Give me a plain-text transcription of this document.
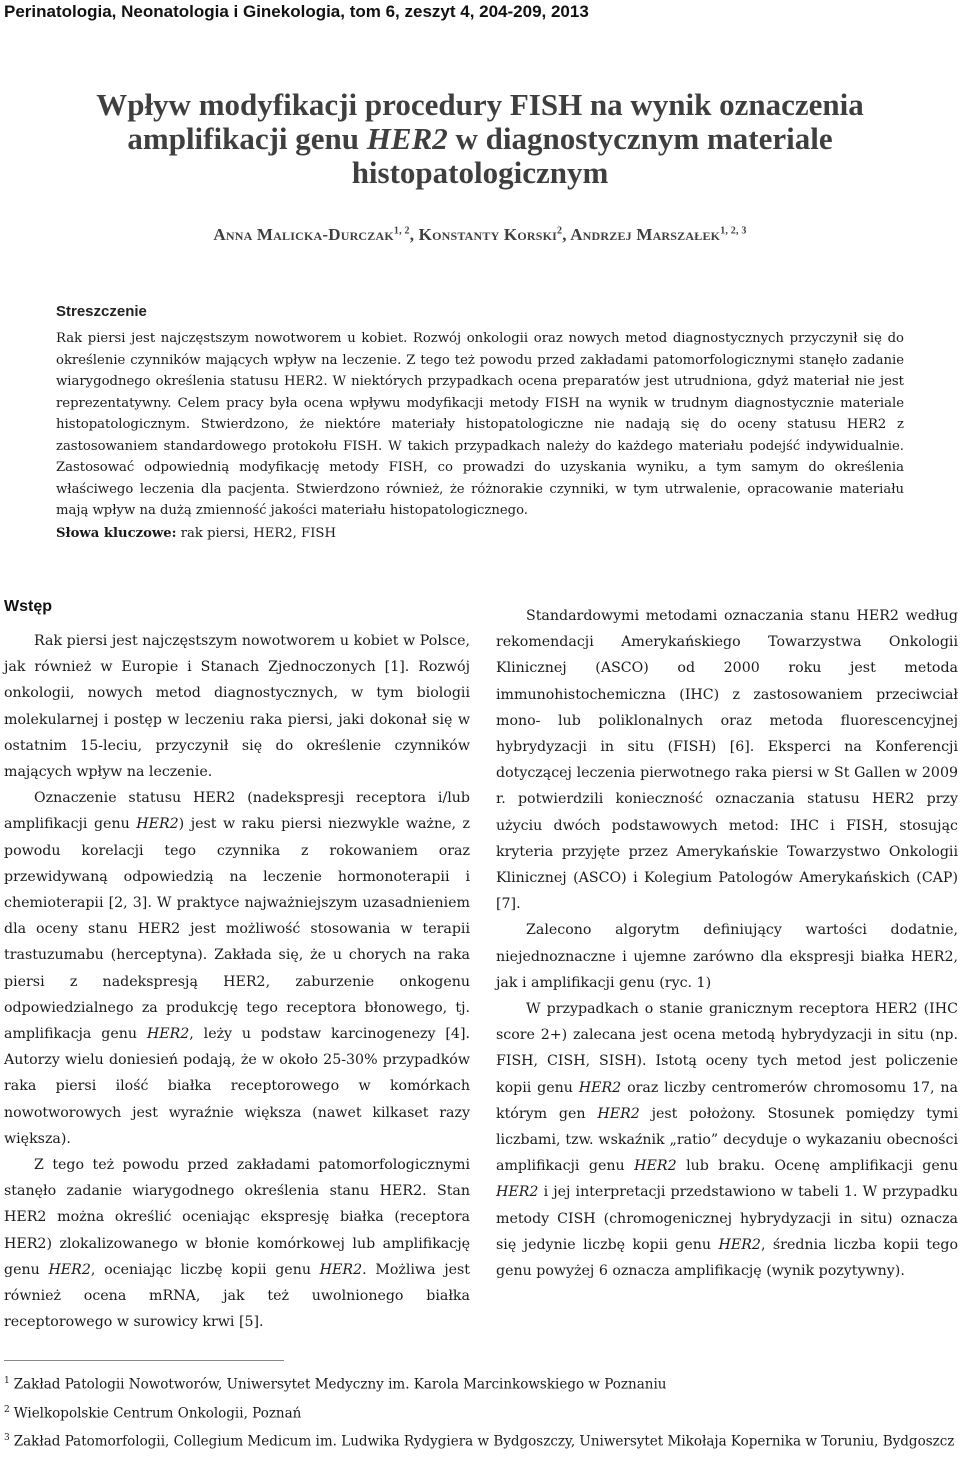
Perinatologia, Neonatologia i Ginekologia, tom 6, zeszyt 4, 204-209, 2013
Wpływ modyfikacji procedury FISH na wynik oznaczenia
amplifikacji genu HER2 w diagnostycznym materiale
histopatologicznym
Anna Malicka-Durczak$^{1, 2}$, Konstanty Korski$^2$, Andrzej Marszałek$^{1, 2, 3}$
Streszczenie
Rak piersi jest najczęstszym nowotworem u kobiet. Rozwój onkologii oraz nowych metod diagnostycznych przyczynił się do określenie czynników mających wpływ na leczenie. Z tego też powodu przed zakładami patomorfologicznymi stanęło zadanie wiarygodnego określenia statusu HER2. W niektórych przypadkach ocena preparatów jest utrudniona, gdyż materiał nie jest reprezentatywny. Celem pracy była ocena wpływu modyfikacji metody FISH na wynik w trudnym diagnostycznie materiale histopatologicznym. Stwierdzono, że niektóre materiały histopatologiczne nie nadają się do oceny statusu HER2 z zastosowaniem standardowego protokołu FISH. W takich przypadkach należy do każdego materiału podejść indywidualnie. Zastosować odpowiednią modyfikację metody FISH, co prowadzi do uzyskania wyniku, a tym samym do określenia właściwego leczenia dla pacjenta. Stwierdzono również, że różnorakie czynniki, w tym utrwalenie, opracowanie materiału mają wpływ na dużą zmienność jakości materiału histopatologicznego.
Słowa kluczowe: rak piersi, HER2, FISH
Wstęp

Rak piersi jest najczęstszym nowotworem u kobiet w Polsce, jak również w Europie i Stanach Zjednoczonych [1]. Rozwój onkologii, nowych metod diagnostycznych, w tym biologii molekularnej i postęp w leczeniu raka piersi, jaki dokonał się w ostatnim 15-leciu, przyczynił się do określenie czynników mających wpływ na leczenie.

Oznaczenie statusu HER2 (nadekspresji receptora i/lub amplifikacji genu HER2) jest w raku piersi niezwykle ważne, z powodu korelacji tego czynnika z rokowaniem oraz przewidywaną odpowiedzią na leczenie hormonoterapii i chemioterapii [2, 3]. W praktyce najważniejszym uzasadnieniem dla oceny stanu HER2 jest możliwość stosowania w terapii trastuzumabu (herceptyna). Zakłada się, że u chorych na raka piersi z nadekspresją HER2, zaburzenie onkogenu odpowiedzialnego za produkcję tego receptora błonowego, tj. amplifikacja genu HER2, leży u podstaw karcinogenezy [4]. Autorzy wielu doniesień podają, że w około 25-30% przypadków raka piersi ilość białka receptorowego w komórkach nowotworowych jest wyraźnie większa (nawet kilkaset razy większa).

Z tego też powodu przed zakładami patomorfologicznymi stanęło zadanie wiarygodnego określenia stanu HER2. Stan HER2 można określić oceniając ekspresję białka (receptora HER2) zlokalizowanego w błonie komórkowej lub amplifikację genu HER2, oceniając liczbę kopii genu HER2. Możliwa jest również ocena mRNA, jak też uwolnionego białka receptorowego w surowicy krwi [5].

Standardowymi metodami oznaczania stanu HER2 według rekomendacji Amerykańskiego Towarzystwa Onkologii Klinicznej (ASCO) od 2000 roku jest metoda immunohistochemiczna (IHC) z zastosowaniem przeciwciał mono- lub poliklonalnych oraz metoda fluorescencyjnej hybrydyzacji in situ (FISH) [6]. Eksperci na Konferencji dotyczącej leczenia pierwotnego raka piersi w St Gallen w 2009 r. potwierdzili konieczność oznaczania statusu HER2 przy użyciu dwóch podstawowych metod: IHC i FISH, stosując kryteria przyjęte przez Amerykańskie Towarzystwo Onkologii Klinicznej (ASCO) i Kolegium Patologów Amerykańskich (CAP)[7].

Zalecono algorytm definiujący wartości dodatnie, niejednoznaczne i ujemne zarówno dla ekspresji białka HER2, jak i amplifikacji genu (ryc. 1)

W przypadkach o stanie granicznym receptora HER2 (IHC score 2+) zalecana jest ocena metodą hybrydyzacji in situ (np. FISH, CISH, SISH). Istotą oceny tych metod jest policzenie kopii genu HER2 oraz liczby centromerów chromosomu 17, na którym gen HER2 jest położony. Stosunek pomiędzy tymi liczbami, tzw. wskaźnik „ratio” decyduje o wykazaniu obecności amplifikacji genu HER2 lub braku. Ocenę amplifikacji genu HER2 i jej interpretacji przedstawiono w tabeli 1. W przypadku metody CISH (chromogenicznej hybrydyzacji in situ) oznacza się jedynie liczbę kopii genu HER2, średnia liczba kopii tego genu powyżej 6 oznacza amplifikację (wynik pozytywny).

$^1$ Zakład Patologii Nowotworów, Uniwersytet Medyczny im. Karola Marcinkowskiego w Poznaniu
$^2$ Wielkopolskie Centrum Onkologii, Poznań
$^3$ Zakład Patomorfologii, Collegium Medicum im. Ludwika Rydygiera w Bydgoszczy, Uniwersytet Mikołaja Kopernika w Toruniu, Bydgoszcz
